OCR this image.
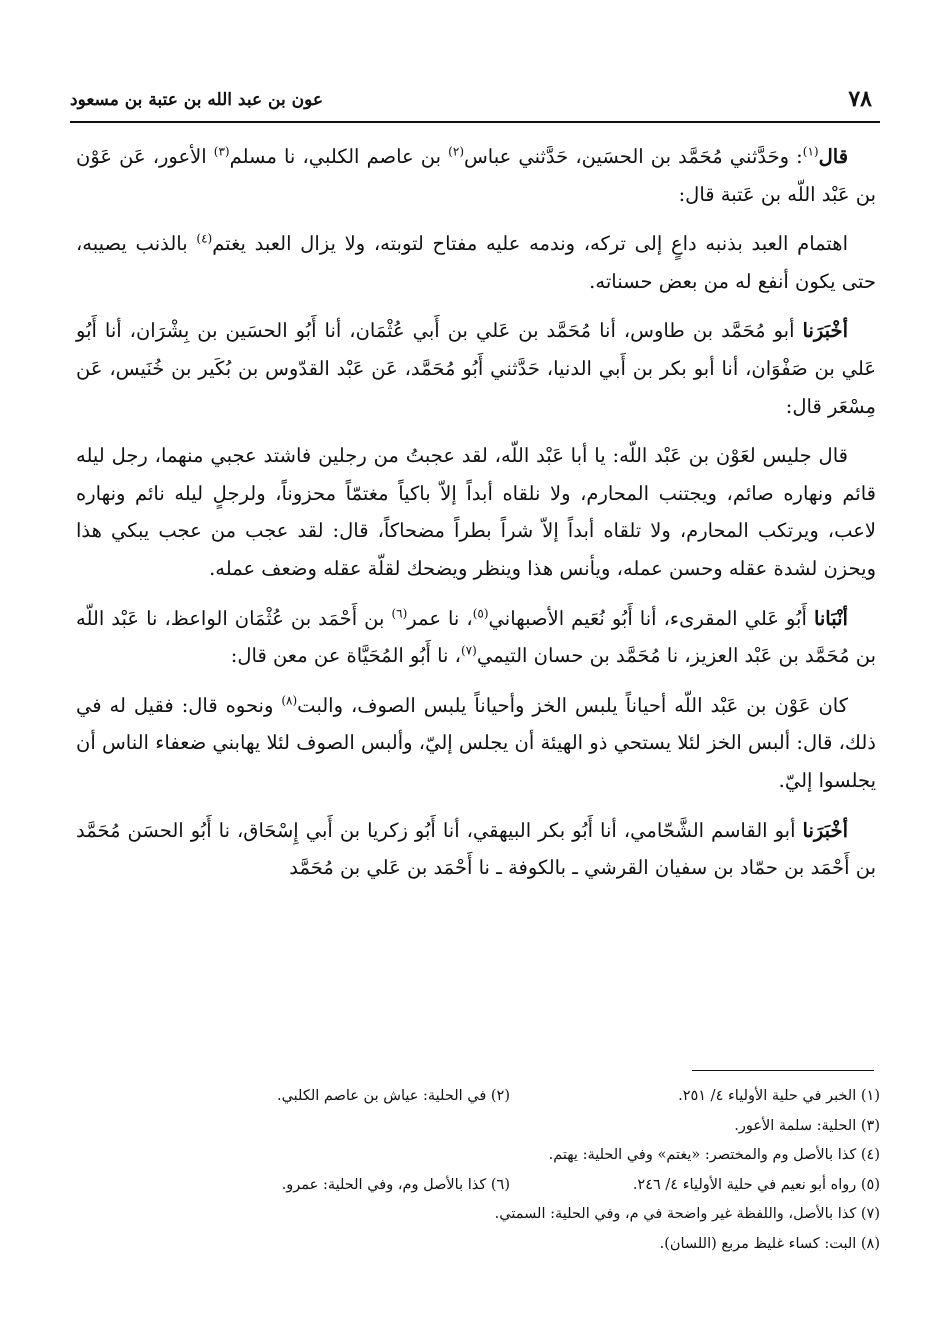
٧٨
عون بن عبد الله بن عتبة بن مسعود

قال$^{(١)}$: وحَدَّثني مُحَمَّد بن الحسَين، حَدَّثني عباس$^{(٢)}$ بن عاصم الكلبي، نا مسلم$^{(٣)}$ الأعور، عَن عَوْن بن عَبْد اللّه بن عَتبة قال:

اهتمام العبد بذنبه داعٍ إلى تركه، وندمه عليه مفتاح لتوبته، ولا يزال العبد يغتم$^{(٤)}$ بالذنب يصيبه، حتى يكون أنفع له من بعض حسناته.

أخْبَرَنا أبو مُحَمَّد بن طاوس، أنا مُحَمَّد بن عَلي بن أَبي عُثْمَان، أنا أَبُو الحسَين بن بِشْرَان، أنا أَبُو عَلي بن صَفْوَان، أنا أبو بكر بن أَبي الدنيا، حَدَّثني أَبُو مُحَمَّد، عَن عَبْد القدّوس بن بُكَير بن خُنَيس، عَن مِسْعَر قال:

قال جليس لعَوْن بن عَبْد اللّه: يا أبا عَبْد اللّه، لقد عجبتُ من رجلين فاشتد عجبي منهما، رجل ليله قائم ونهاره صائم، ويجتنب المحارم، ولا نلقاه أبداً إلاّ باكياً مغتمّاً محزوناً، ولرجلٍ ليله نائم ونهاره لاعب، ويرتكب المحارم، ولا تلقاه أبداً إلاّ شراً بطراً مضحاكاً، قال: لقد عجب من عجب يبكي هذا ويحزن لشدة عقله وحسن عمله، ويأنس هذا وينظر ويضحك لقلّة عقله وضعف عمله.

أنْبَانا أَبُو عَلي المقرىء، أنا أَبُو نُعَيم الأصبهاني$^{(٥)}$، نا عمر$^{(٦)}$ بن أَحْمَد بن عُثْمَان الواعظ، نا عَبْد اللّه بن مُحَمَّد بن عَبْد العزيز، نا مُحَمَّد بن حسان التيمي$^{(٧)}$، نا أَبُو المُحَيَّاة عن معن قال:

كان عَوْن بن عَبْد اللّه أحياناً يلبس الخز وأحياناً يلبس الصوف، والبت$^{(٨)}$ ونحوه قال: فقيل له في ذلك، قال: ألبس الخز لئلا يستحي ذو الهيئة أن يجلس إليّ، وألبس الصوف لئلا يهابني ضعفاء الناس أن يجلسوا إليّ.

أخْبَرَنا أبو القاسم الشَّحّامي، أنا أَبُو بكر البيهقي، أنا أَبُو زكريا بن أَبي إِسْحَاق، نا أَبُو الحسَن مُحَمَّد بن أَحْمَد بن حمّاد بن سفيان القرشي ـ بالكوفة ـ نا أَحْمَد بن عَلي بن مُحَمَّد

(١) الخبر في حلية الأولياء ٤/ ٢٥١.
(٢) في الحلية: عياش بن عاصم الكلبي.
(٣) الحلية: سلمة الأعور.
(٤) كذا بالأصل وم والمختصر: «يغتم» وفي الحلية: يهتم.
(٥) رواه أبو نعيم في حلية الأولياء ٤/ ٢٤٦.
(٦) كذا بالأصل وم، وفي الحلية: عمرو.
(٧) كذا بالأصل، واللفظة غير واضحة في م، وفي الحلية: السمتي.
(٨) البت: كساء غليظ مربع (اللسان).
